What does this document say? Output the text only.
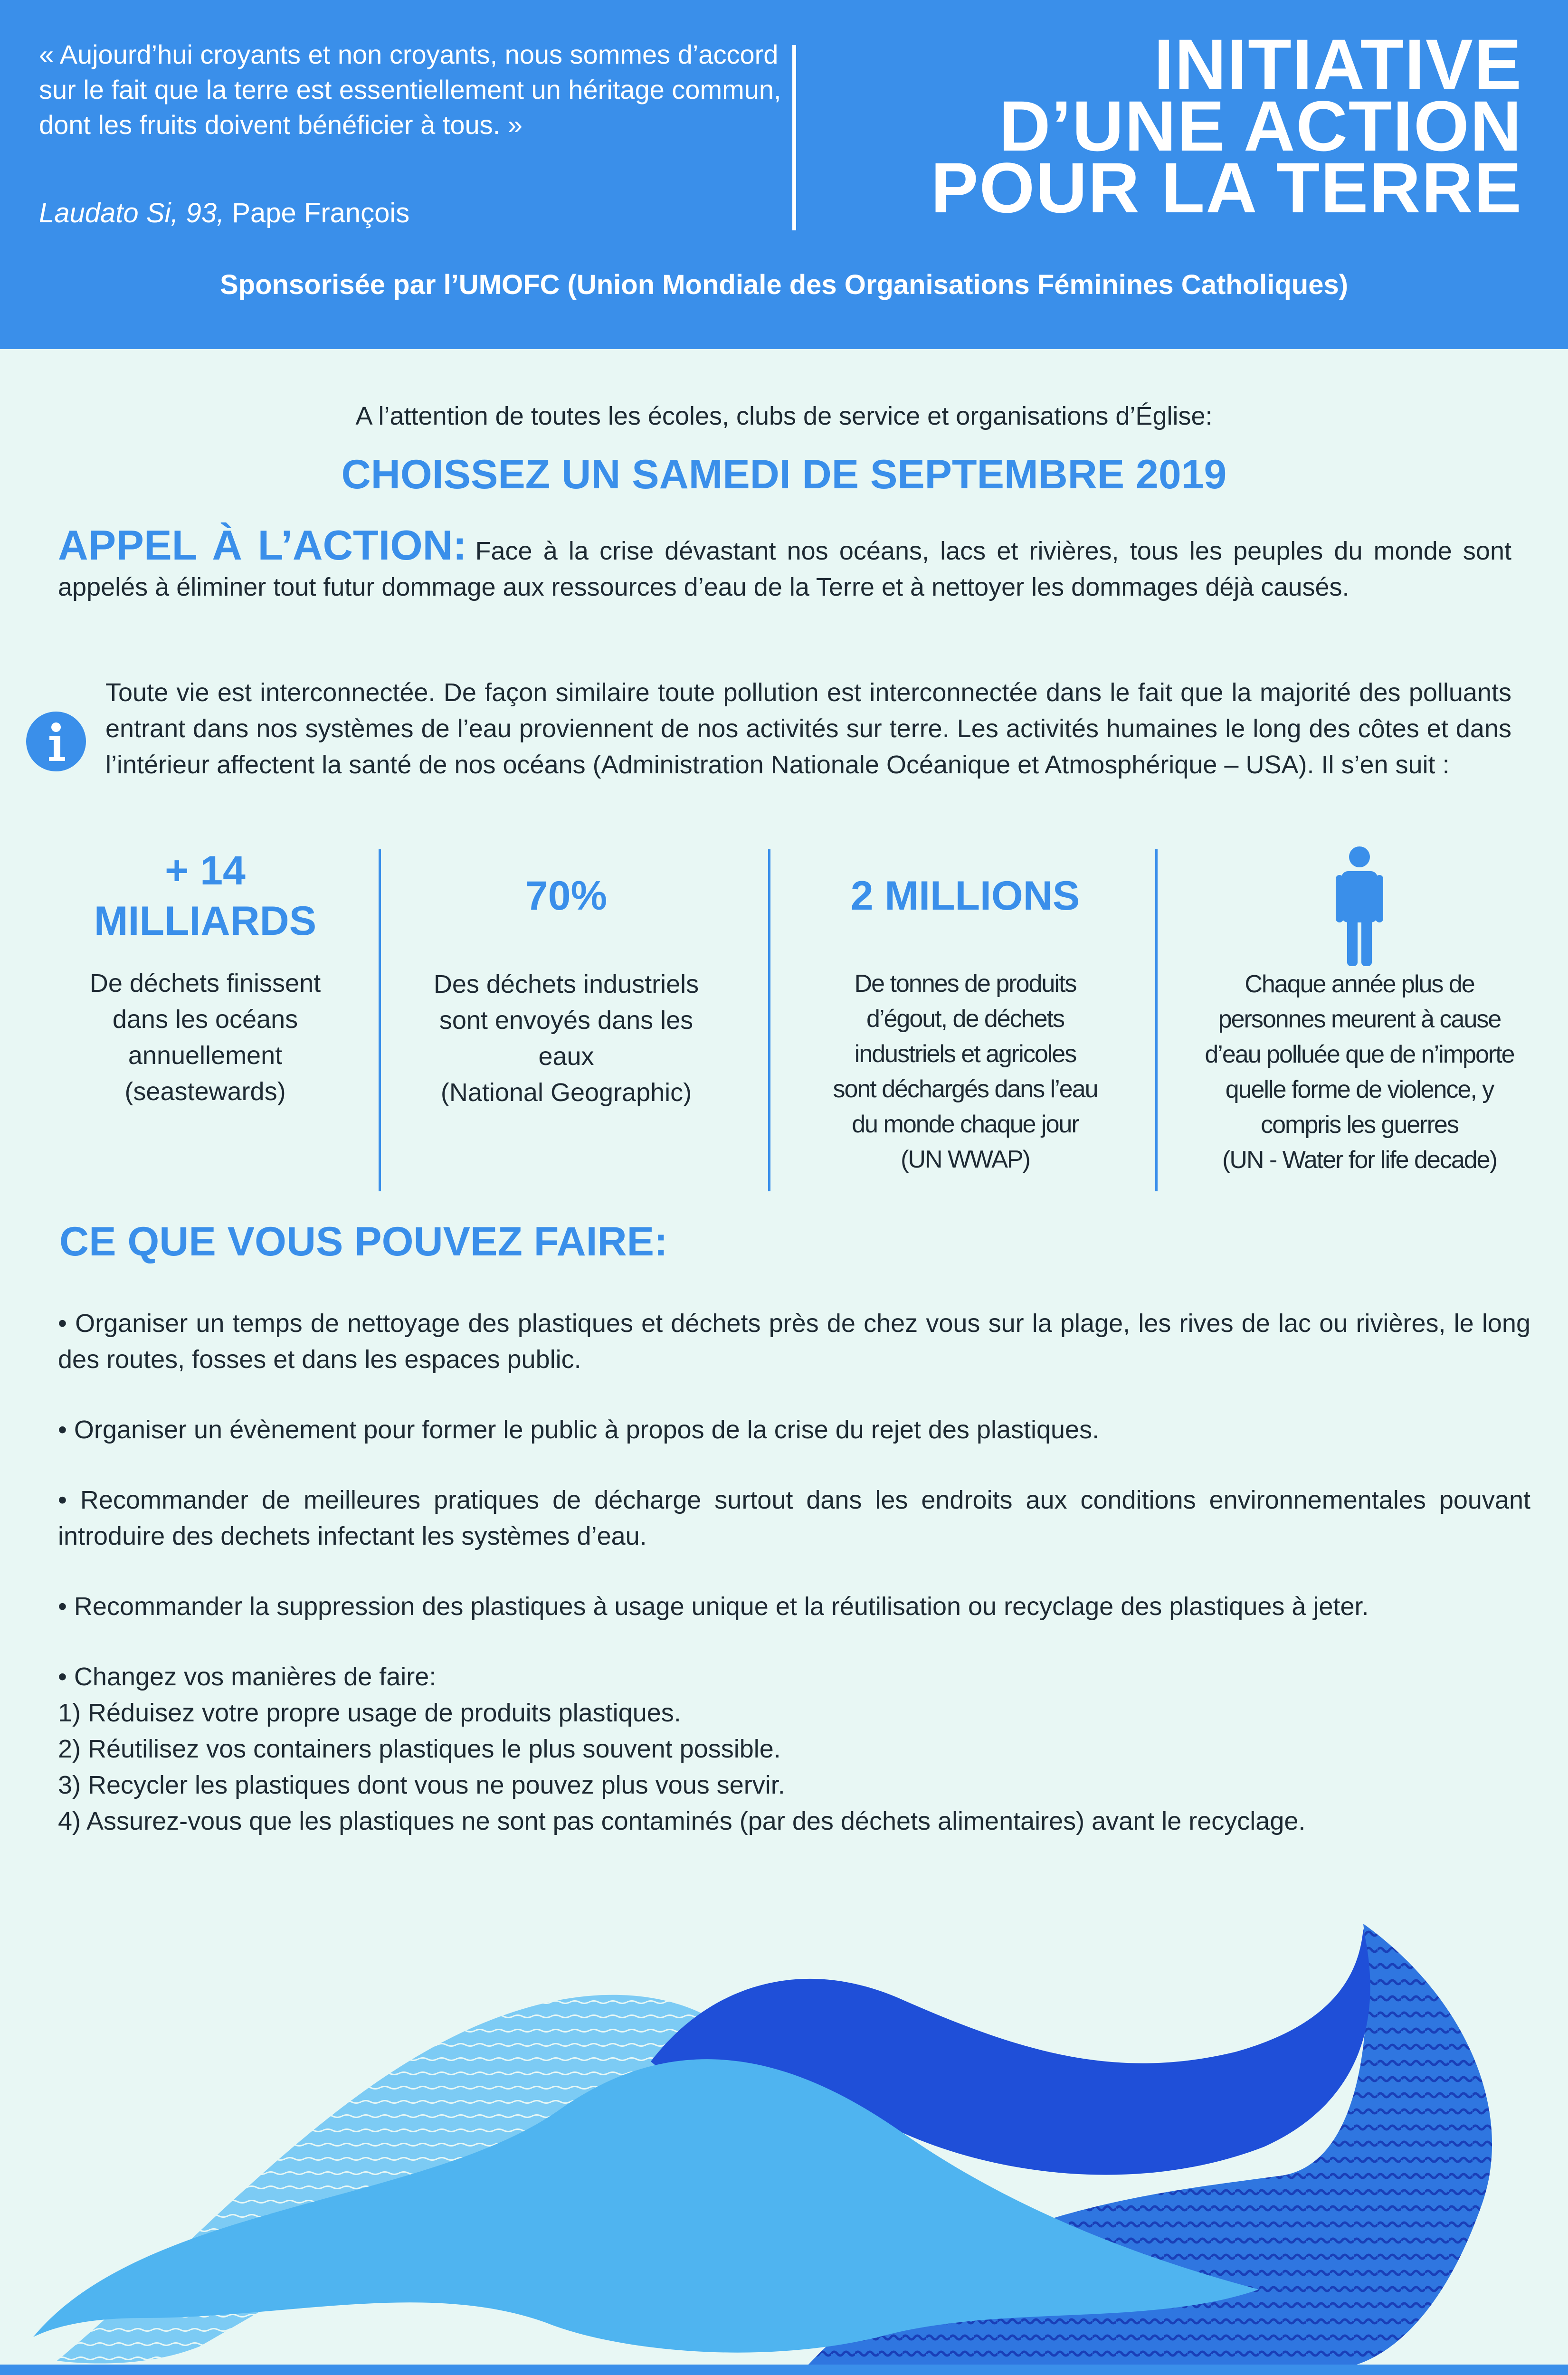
« Aujourd’hui croyants et non croyants, nous sommes d’accord sur le fait que la terre est essentiellement un héritage commun, dont les fruits doivent bénéficier à tous. »
Laudato Si, 93, Pape François
INITIATIVE
D’UNE ACTION
POUR LA TERRE
Sponsorisée par l’UMOFC (Union Mondiale des Organisations Féminines Catholiques)
A l’attention de toutes les écoles, clubs de service et organisations d’Église:
CHOISSEZ UN SAMEDI DE SEPTEMBRE 2019
APPEL À L’ACTION: Face à la crise dévastant nos océans, lacs et rivières, tous les peuples du monde sont appelés à éliminer tout futur dommage aux ressources d’eau de la Terre et à nettoyer les dommages déjà causés.
Toute vie est interconnectée. De façon similaire toute pollution est interconnectée dans le fait que la majorité des polluants entrant dans nos systèmes de l’eau proviennent de nos activités sur terre. Les activités humaines le long des côtes et dans l’intérieur affectent la santé de nos océans (Administration Nationale Océanique et Atmosphérique – USA). Il s’en suit :
+ 14
MILLIARDS
De déchets finissent
dans les océans
annuellement
(seastewards)
70%
Des déchets industriels
sont envoyés dans les
eaux
(National Geographic)
2 MILLIONS
De tonnes de produits
d’égout, de déchets
industriels et agricoles
sont déchargés dans l’eau
du monde chaque jour
(UN WWAP)
Chaque année plus de
personnes meurent à cause
d’eau polluée que de n’importe
quelle forme de violence, y
compris les guerres
(UN - Water for life decade)
CE QUE VOUS POUVEZ FAIRE:

• Organiser un temps de nettoyage des plastiques et déchets près de chez vous sur la plage, les rives de lac ou rivières, le long des routes, fosses et dans les espaces public.

• Organiser un évènement pour former le public à propos de la crise du rejet des plastiques.

• Recommander de meilleures pratiques de décharge surtout dans les endroits aux conditions environnementales pouvant introduire des dechets infectant les systèmes d’eau.

• Recommander la suppression des plastiques à usage unique et la réutilisation ou recyclage des plastiques à jeter.

• Changez vos manières de faire:

1) Réduisez votre propre usage de produits plastiques.

2) Réutilisez vos containers plastiques le plus souvent possible.

3) Recycler les plastiques dont vous ne pouvez plus vous servir.

4) Assurez-vous que les plastiques ne sont pas contaminés (par des déchets alimentaires) avant le recyclage.
